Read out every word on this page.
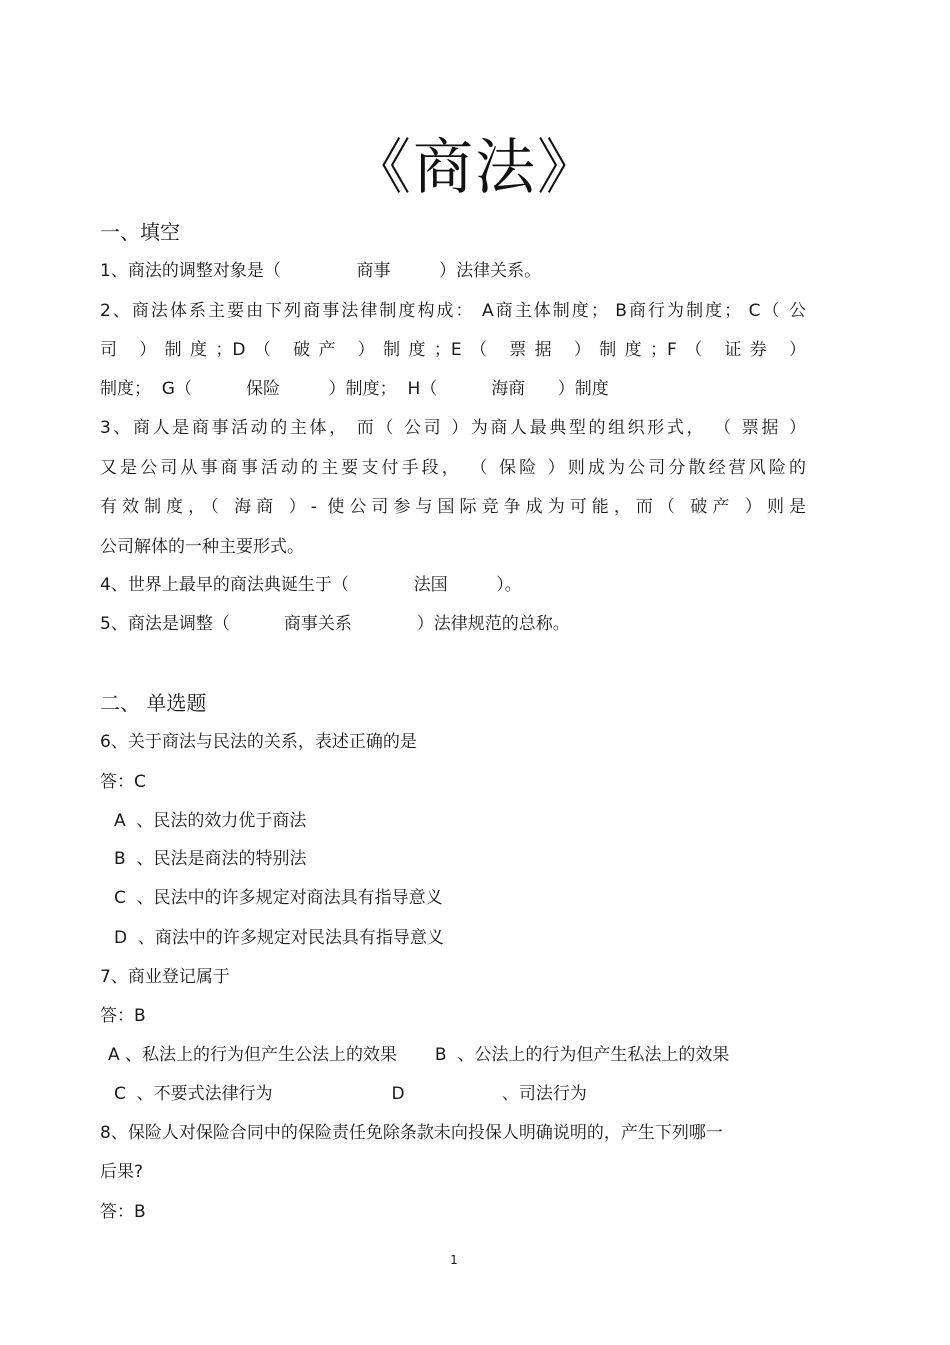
《商法》
一、填空
1、商法的调整对象是（              商事         ）法律关系。
2、商法体系主要由下列商事法律制度构成： A商主体制度； B商行为制度； C（ 公
司 ）制度；D（ 破产 ）制度；E（ 票据 ）制度；F（ 证券 ）
制度；  G（          保险         ）制度；  H（          海商      ）制度
3、商人是商事活动的主体， 而（ 公司 ）为商人最典型的组织形式， （ 票据 ）
又是公司从事商事活动的主要支付手段， （ 保险 ）则成为公司分散经营风险的
有效制度，（ 海商 ）- 使公司参与国际竞争成为可能，而（ 破产 ）则是
公司解体的一种主要形式。
4、世界上最早的商法典诞生于（            法国         ）。
5、商法是调整（          商事关系            ）法律规范的总称。
二、 单选题
6、关于商法与民法的关系，表述正确的是
答：C
A  、民法的效力优于商法
B  、民法是商法的特别法
C  、民法中的许多规定对商法具有指导意义
D  、商法中的许多规定对民法具有指导意义
7、商业登记属于
答：B
A 、私法上的行为但产生公法上的效果       B  、公法上的行为但产生私法上的效果
C  、不要式法律行为                      D                  、司法行为
8、保险人对保险合同中的保险责任免除条款未向投保人明确说明的，产生下列哪一
后果?
答：B
1
